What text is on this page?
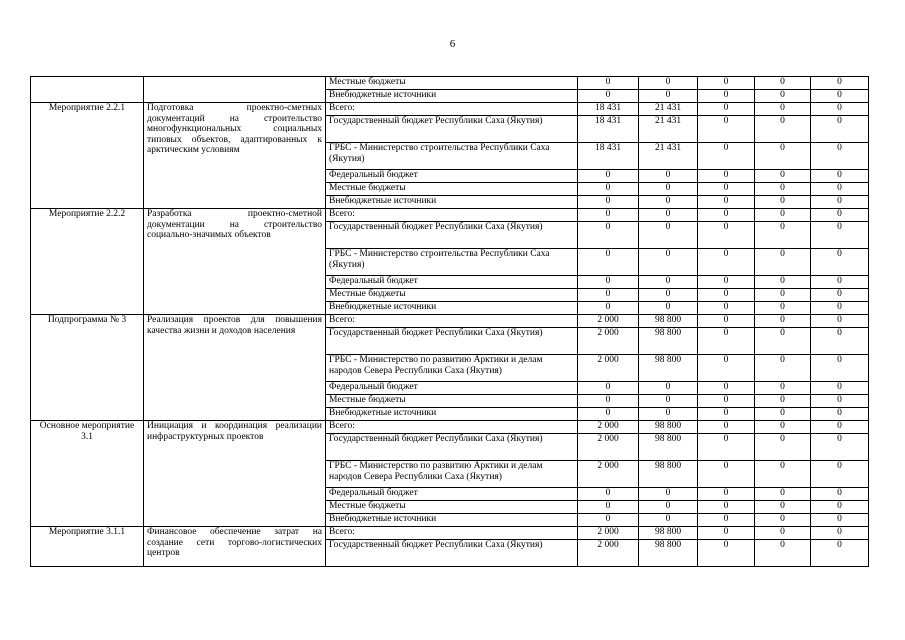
6
		Местные бюджеты	0	0	0	0	0
		Внебюджетные источники	0	0	0	0	0
Мероприятие 2.2.1	Подготовка проектно-сметных документаций на строительство многофункциональных социальных типовых объектов, адаптированных к арктическим условиям	Всего:	18 431	21 431	0	0	0
		Государственный бюджет Республики Саха (Якутия)	18 431	21 431	0	0	0
		ГРБС - Министерство строительства Республики Саха (Якутия)	18 431	21 431	0	0	0
		Федеральный бюджет	0	0	0	0	0
		Местные бюджеты	0	0	0	0	0
		Внебюджетные источники	0	0	0	0	0
Мероприятие 2.2.2	Разработка проектно-сметной документации на строительство социально-значимых объектов	Всего:	0	0	0	0	0
		Государственный бюджет Республики Саха (Якутия)	0	0	0	0	0
		ГРБС - Министерство строительства Республики Саха (Якутия)	0	0	0	0	0
		Федеральный бюджет	0	0	0	0	0
		Местные бюджеты	0	0	0	0	0
		Внебюджетные источники	0	0	0	0	0
Подпрограмма № 3	Реализация проектов для повышения качества жизни и доходов населения	Всего:	2 000	98 800	0	0	0
		Государственный бюджет Республики Саха (Якутия)	2 000	98 800	0	0	0
		ГРБС - Министерство по развитию Арктики и делам народов Севера Республики Саха (Якутия)	2 000	98 800	0	0	0
		Федеральный бюджет	0	0	0	0	0
		Местные бюджеты	0	0	0	0	0
		Внебюджетные источники	0	0	0	0	0
Основное мероприятие 3.1	Инициация и координация реализации инфраструктурных проектов	Всего:	2 000	98 800	0	0	0
		Государственный бюджет Республики Саха (Якутия)	2 000	98 800	0	0	0
		ГРБС - Министерство по развитию Арктики и делам народов Севера Республики Саха (Якутия)	2 000	98 800	0	0	0
		Федеральный бюджет	0	0	0	0	0
		Местные бюджеты	0	0	0	0	0
		Внебюджетные источники	0	0	0	0	0
Мероприятие 3.1.1	Финансовое обеспечение затрат на создание сети торгово-логистических центров	Всего:	2 000	98 800	0	0	0
		Государственный бюджет Республики Саха (Якутия)	2 000	98 800	0	0	0
